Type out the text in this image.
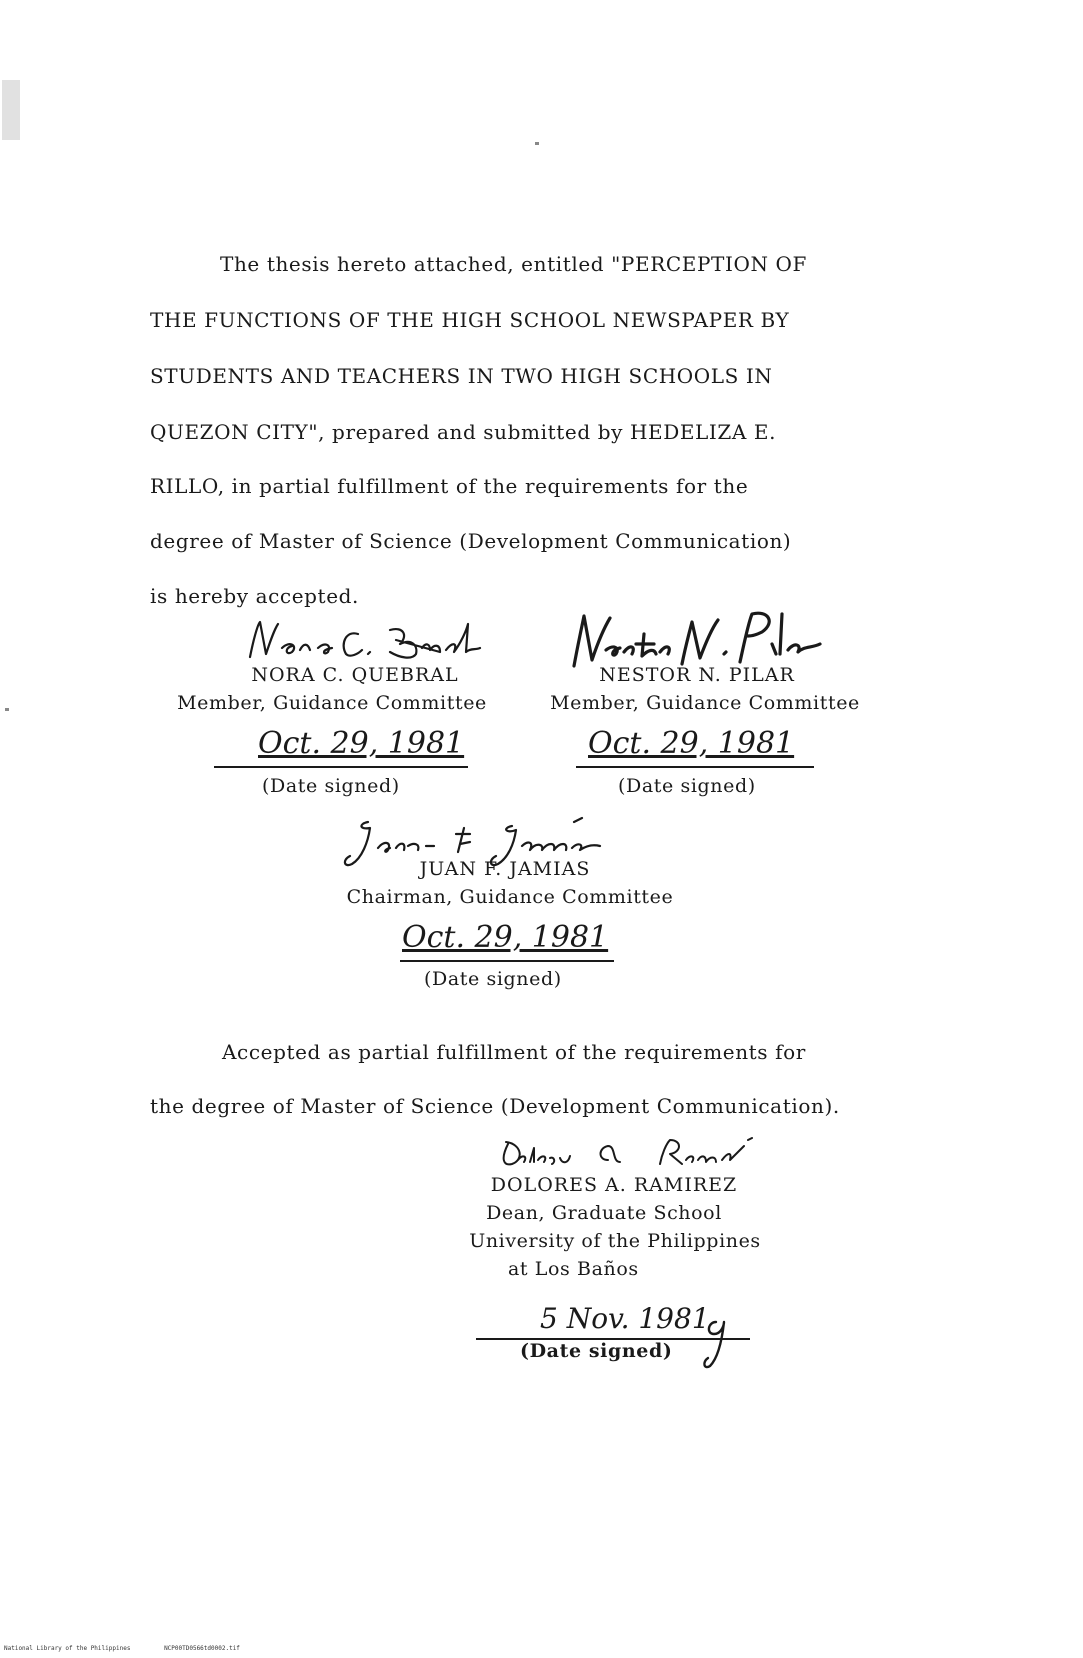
The thesis hereto attached, entitled "PERCEPTION OF
THE FUNCTIONS OF THE HIGH SCHOOL NEWSPAPER BY
STUDENTS AND TEACHERS IN TWO HIGH SCHOOLS IN
QUEZON CITY", prepared and submitted by HEDELIZA E.
RILLO, in partial fulfillment of the requirements for the
degree of Master of Science (Development Communication)
is hereby accepted.
NORA C. QUEBRAL
Member, Guidance Committee
NESTOR N. PILAR
Member, Guidance Committee
Oct. 29, 1981
(Date signed)
Oct. 29, 1981
(Date signed)
JUAN F. JAMIAS
Chairman, Guidance Committee
Oct. 29, 1981
(Date signed)
Accepted as partial fulfillment of the requirements for
the degree of Master of Science (Development Communication).
DOLORES A. RAMIREZ
Dean, Graduate School
University of the Philippines
at Los Baños
5 Nov. 1981
(Date signed)
National Library of the Philippines	NCP00TD0566td0002.tif
